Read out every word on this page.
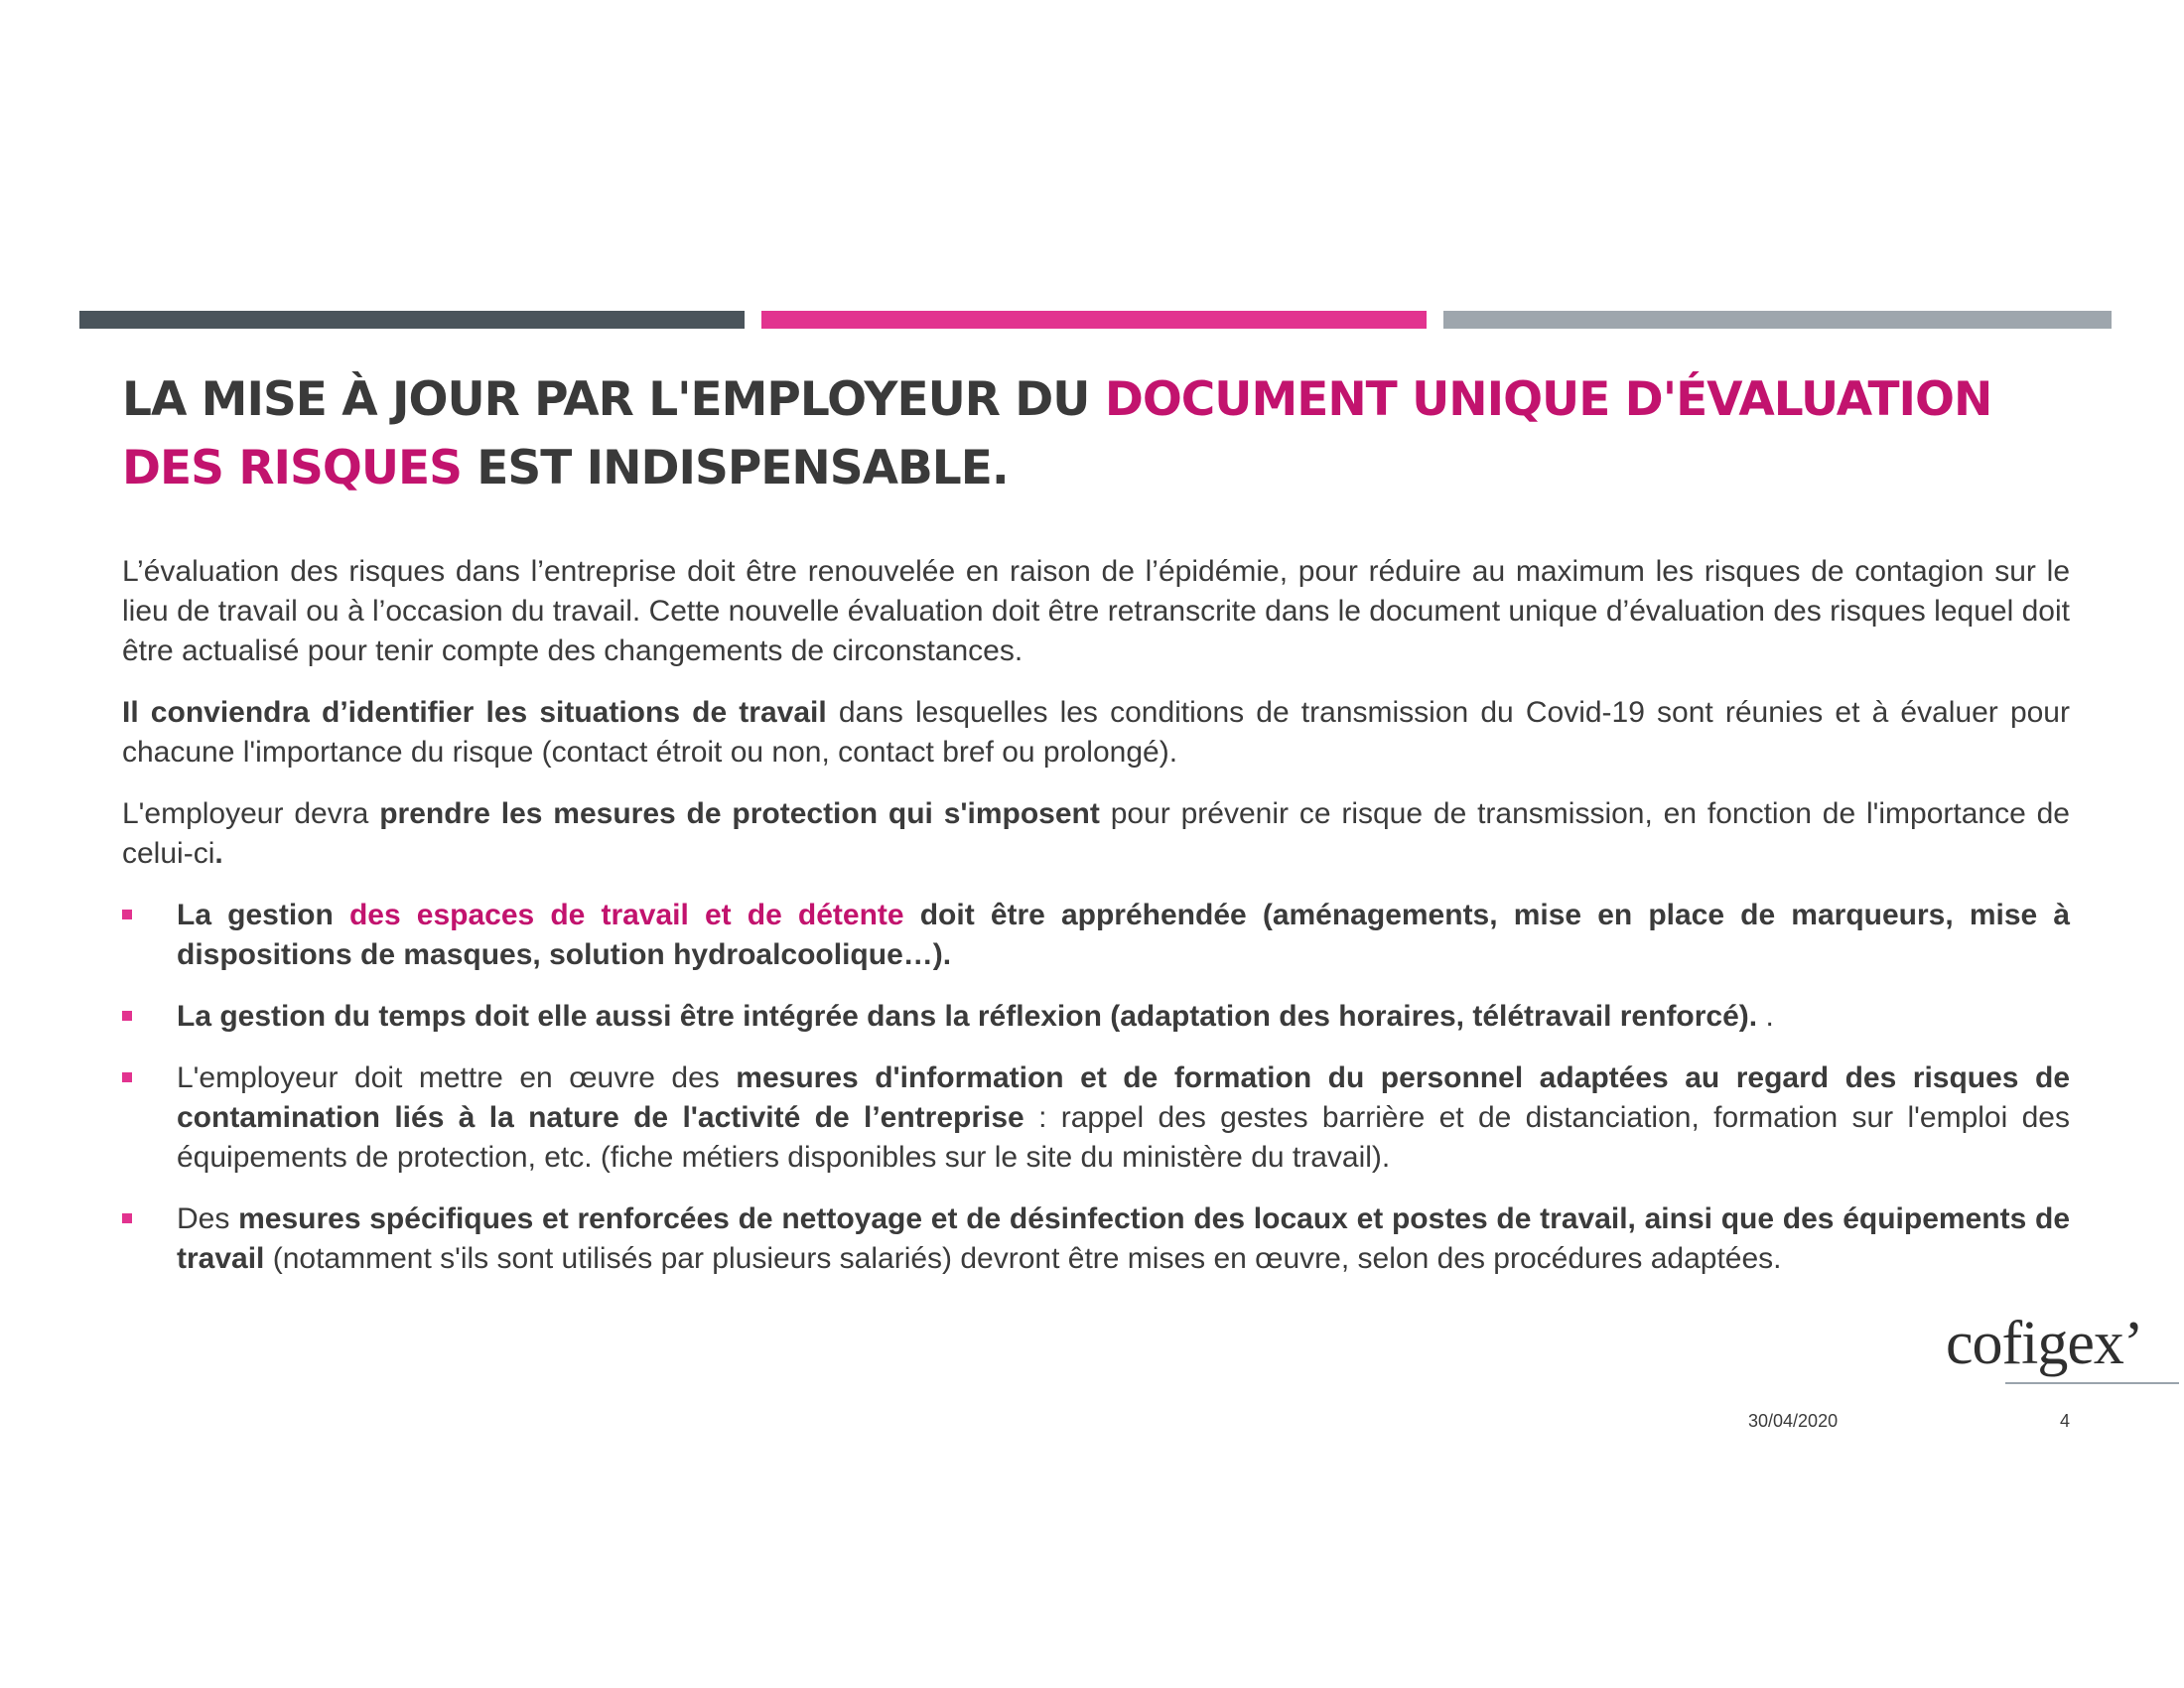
LA MISE À JOUR PAR L'EMPLOYEUR DU DOCUMENT UNIQUE D'ÉVALUATION DES RISQUES EST INDISPENSABLE.

L’évaluation des risques dans l’entreprise doit être renouvelée en raison de l’épidémie, pour réduire au maximum les risques de contagion sur le lieu de travail ou à l’occasion du travail. Cette nouvelle évaluation doit être retranscrite dans le document unique d’évaluation des risques lequel doit être actualisé pour tenir compte des changements de circonstances.

Il conviendra d’identifier les situations de travail dans lesquelles les conditions de transmission du Covid-19 sont réunies et à évaluer pour chacune l'importance du risque (contact étroit ou non, contact bref ou prolongé).

L'employeur devra prendre les mesures de protection qui s'imposent pour prévenir ce risque de transmission, en fonction de l'importance de celui-ci.

La gestion des espaces de travail et de détente doit être appréhendée (aménagements, mise en place de marqueurs, mise à dispositions de masques, solution hydroalcoolique…).
La gestion du temps doit elle aussi être intégrée dans la réflexion (adaptation des horaires, télétravail renforcé). .
L'employeur doit mettre en œuvre des mesures d'information et de formation du personnel adaptées au regard des risques de contamination liés à la nature de l'activité de l’entreprise : rappel des gestes barrière et de distanciation, formation sur l'emploi des équipements de protection, etc. (fiche métiers disponibles sur le site du ministère du travail).
Des mesures spécifiques et renforcées de nettoyage et de désinfection des locaux et postes de travail, ainsi que des équipements de travail (notamment s'ils sont utilisés par plusieurs salariés) devront être mises en œuvre, selon des procédures adaptées.
cofigex’
30/04/2020	4
